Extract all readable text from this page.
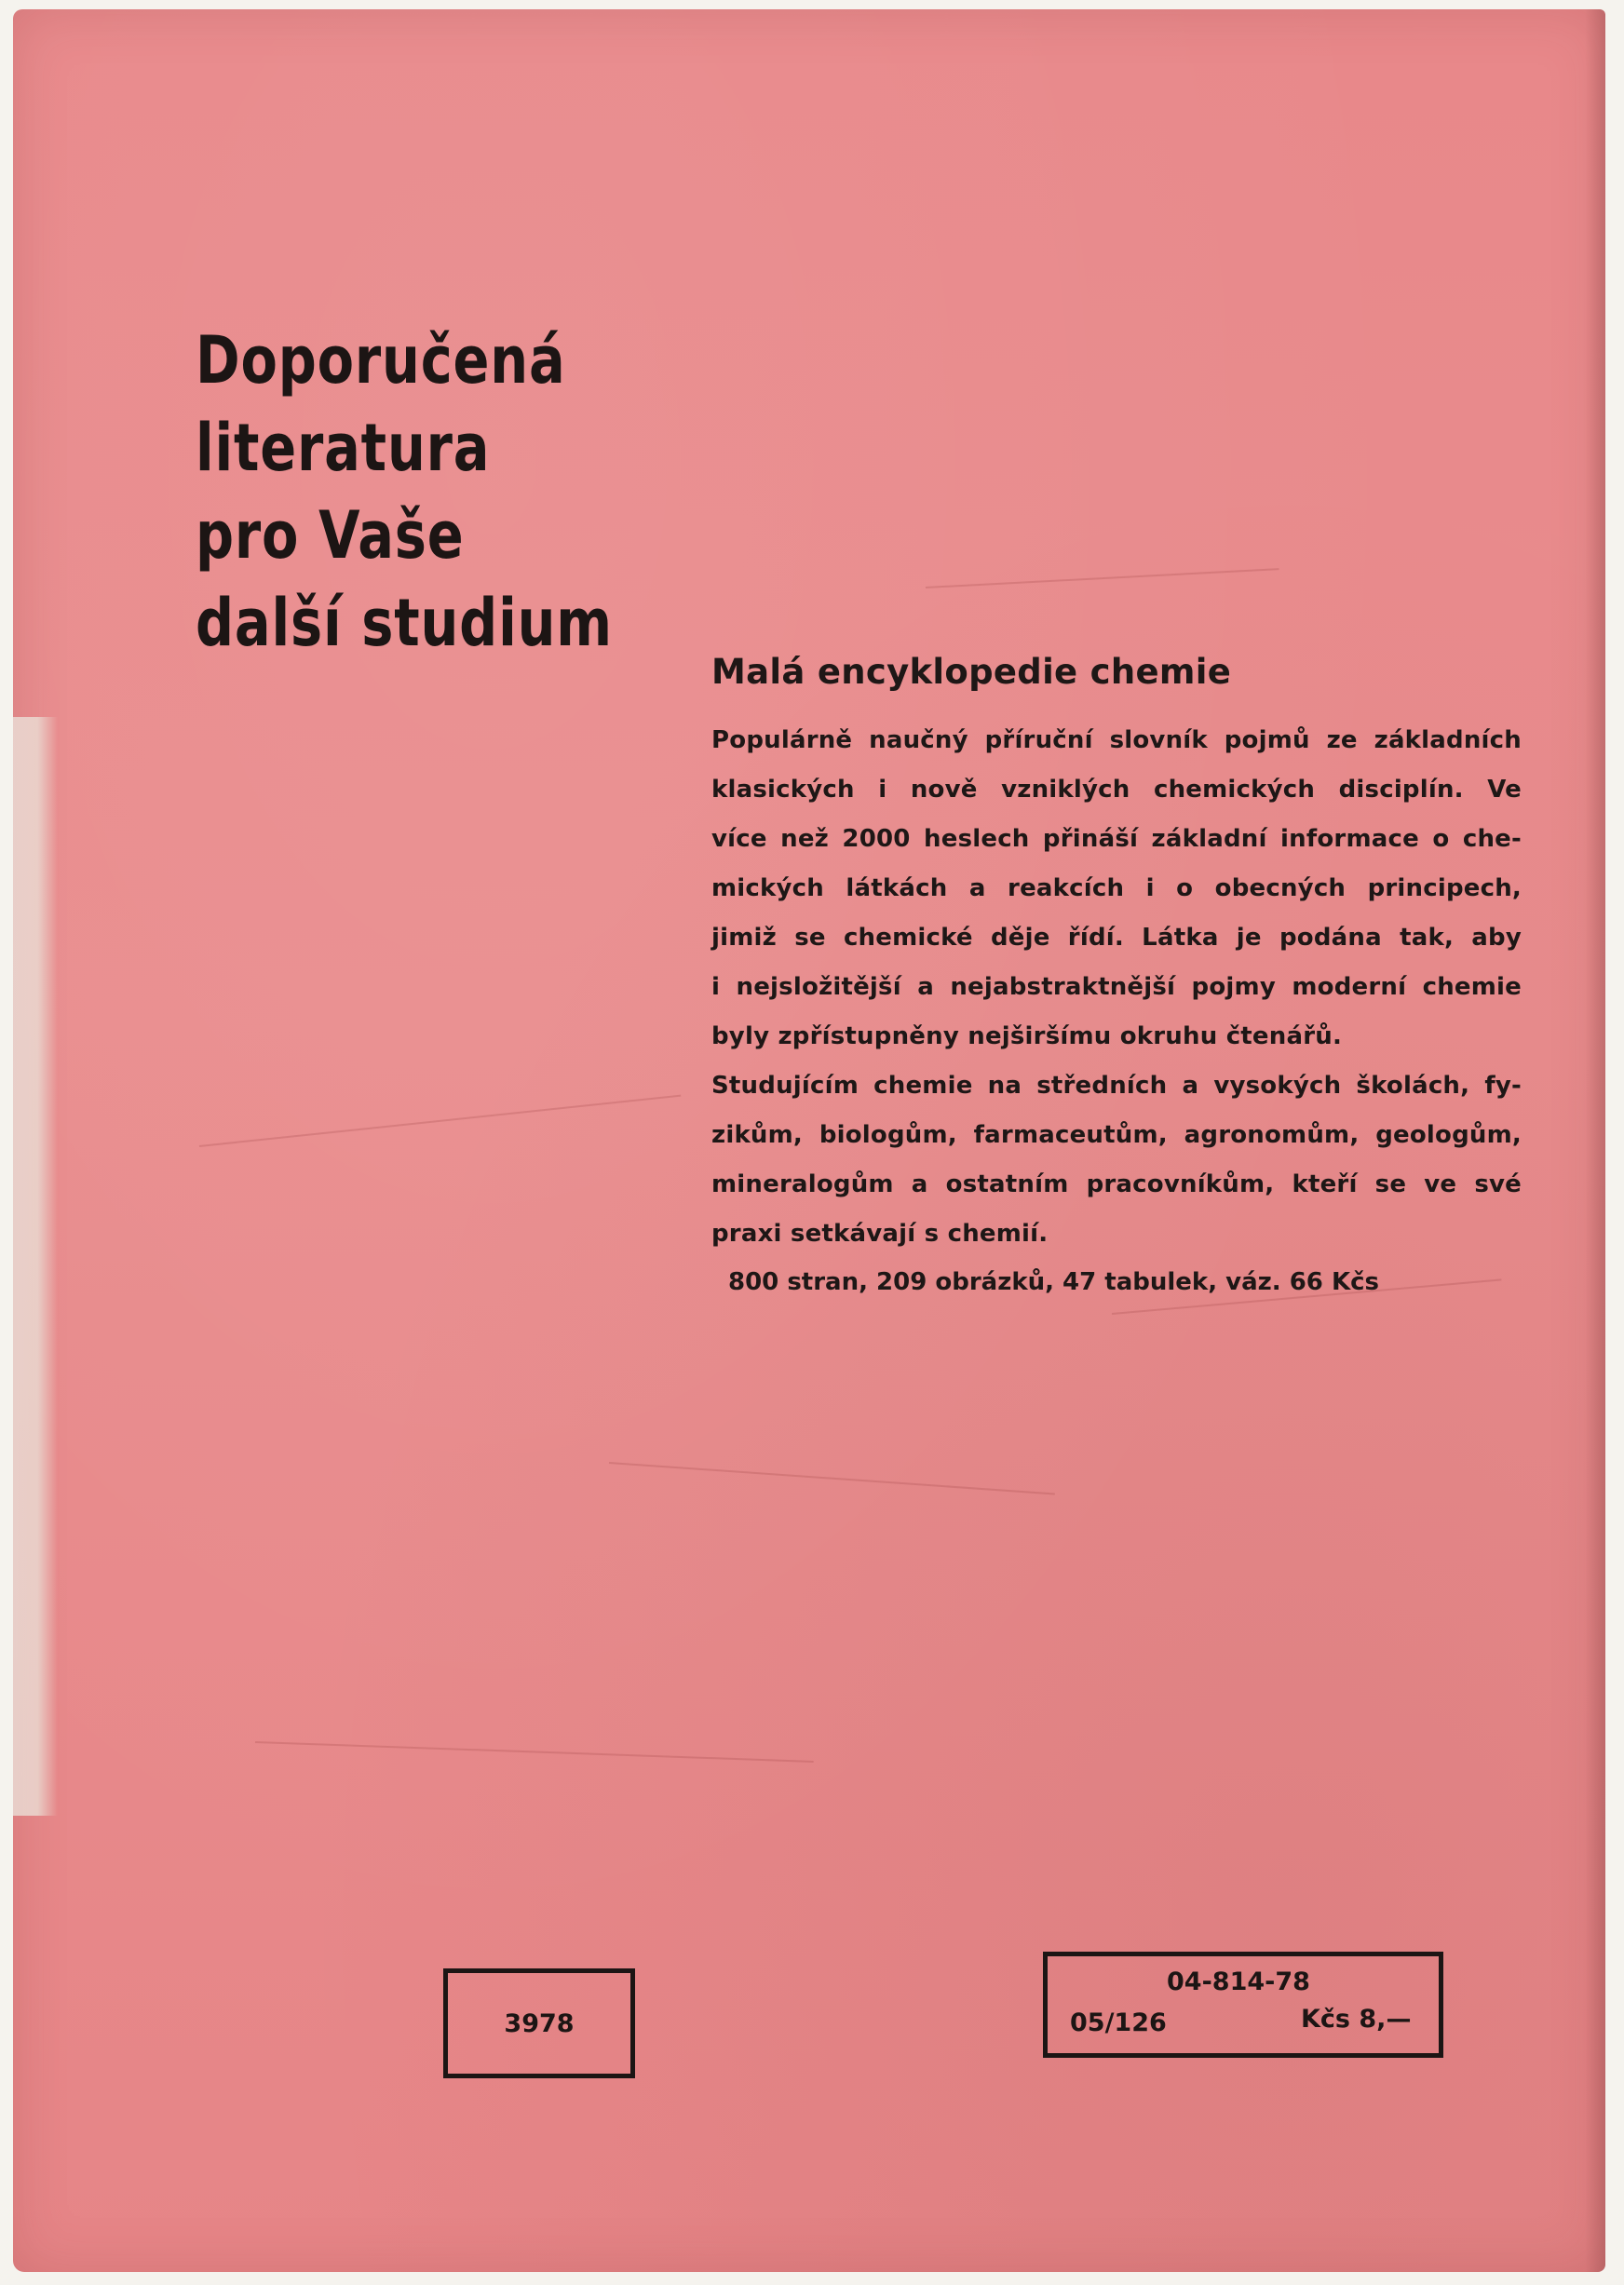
Doporučená
literatura
pro Vaše
další studium
Malá encyklopedie chemie
Populárně naučný příruční slovník pojmů ze základních
klasických i nově vzniklých chemických disciplín. Ve
více než 2000 heslech přináší základní informace o che-
mických látkách a reakcích i o obecných principech,
jimiž se chemické děje řídí. Látka je podána tak, aby
i nejsložitější a nejabstraktnější pojmy moderní chemie
byly zpřístupněny nejširšímu okruhu čtenářů.
Studujícím chemie na středních a vysokých školách, fy-
zikům, biologům, farmaceutům, agronomům, geologům,
mineralogům a ostatním pracovníkům, kteří se ve své
praxi setkávají s chemií.
800 stran, 209 obrázků, 47 tabulek, váz. 66 Kčs
3978
04-814-78
05/126	Kčs 8,—
